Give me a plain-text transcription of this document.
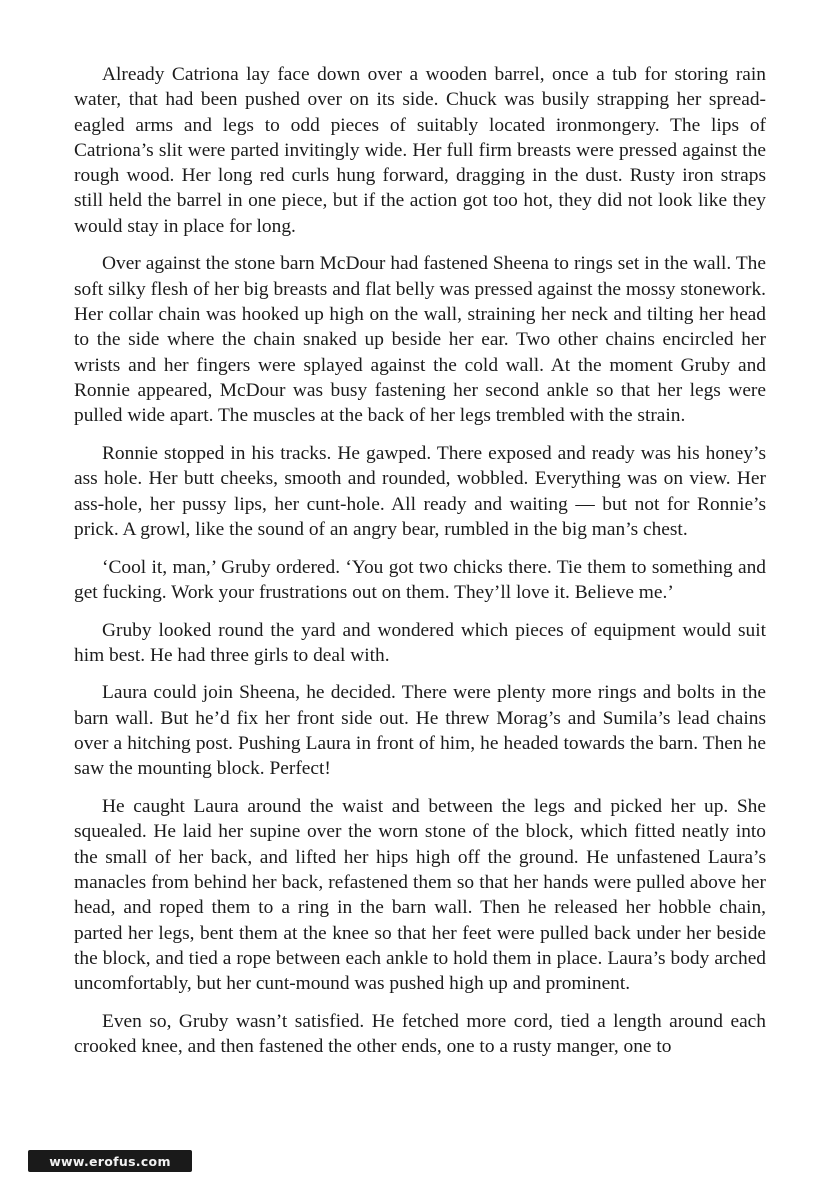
Already Catriona lay face down over a wooden barrel, once a tub for storing rain water, that had been pushed over on its side. Chuck was busily strapping her spread-eagled arms and legs to odd pieces of suitably located ironmongery. The lips of Catriona’s slit were parted invitingly wide. Her full firm breasts were pressed against the rough wood. Her long red curls hung forward, dragging in the dust. Rusty iron straps still held the barrel in one piece, but if the action got too hot, they did not look like they would stay in place for long.

Over against the stone barn McDour had fastened Sheena to rings set in the wall. The soft silky flesh of her big breasts and flat belly was pressed against the mossy stonework. Her collar chain was hooked up high on the wall, straining her neck and tilting her head to the side where the chain snaked up beside her ear. Two other chains encircled her wrists and her fingers were splayed against the cold wall. At the moment Gruby and Ronnie appeared, McDour was busy fastening her second ankle so that her legs were pulled wide apart. The muscles at the back of her legs trembled with the strain.

Ronnie stopped in his tracks. He gawped. There exposed and ready was his honey’s ass hole. Her butt cheeks, smooth and rounded, wobbled. Everything was on view. Her ass-hole, her pussy lips, her cunt-hole. All ready and waiting — but not for Ronnie’s prick. A growl, like the sound of an angry bear, rumbled in the big man’s chest.

‘Cool it, man,’ Gruby ordered. ‘You got two chicks there. Tie them to something and get fucking. Work your frustrations out on them. They’ll love it. Believe me.’

Gruby looked round the yard and wondered which pieces of equipment would suit him best. He had three girls to deal with.

Laura could join Sheena, he decided. There were plenty more rings and bolts in the barn wall. But he’d fix her front side out. He threw Morag’s and Sumila’s lead chains over a hitching post. Pushing Laura in front of him, he headed towards the barn. Then he saw the mounting block. Perfect!

He caught Laura around the waist and between the legs and picked her up. She squealed. He laid her supine over the worn stone of the block, which fitted neatly into the small of her back, and lifted her hips high off the ground. He unfastened Laura’s manacles from behind her back, refastened them so that her hands were pulled above her head, and roped them to a ring in the barn wall. Then he released her hobble chain, parted her legs, bent them at the knee so that her feet were pulled back under her beside the block, and tied a rope between each ankle to hold them in place. Laura’s body arched uncomfortably, but her cunt-mound was pushed high up and prominent.

Even so, Gruby wasn’t satisfied. He fetched more cord, tied a length around each crooked knee, and then fastened the other ends, one to a rusty manger, one to

www.erofus.com
